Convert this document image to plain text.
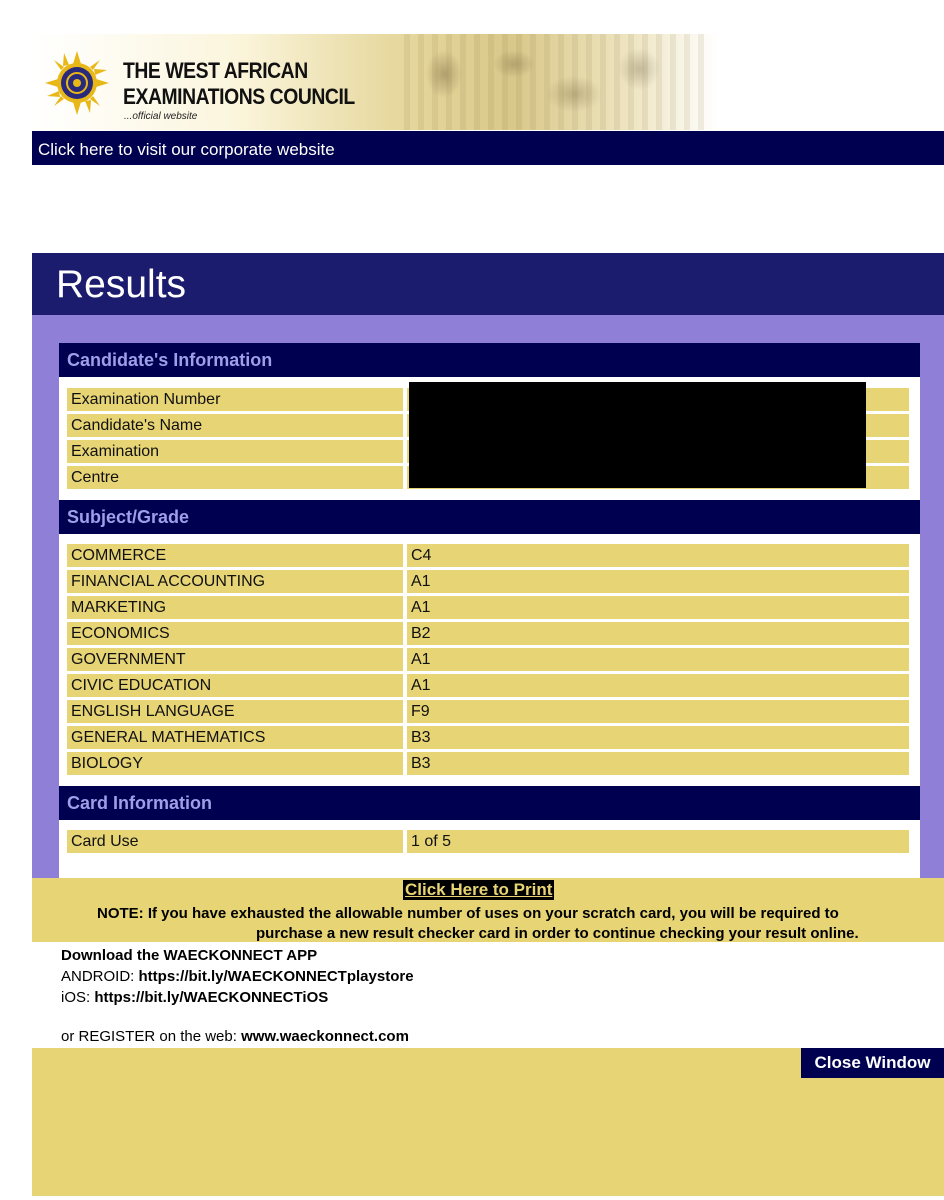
THE WEST AFRICAN
EXAMINATIONS COUNCIL
...official website
Click here to visit our corporate website
Results
Candidate's Information
Examination Number
Candidate's Name
Examination
Centre
Subject/Grade
COMMERCE	C4
FINANCIAL ACCOUNTING	A1
MARKETING	A1
ECONOMICS	B2
GOVERNMENT	A1
CIVIC EDUCATION	A1
ENGLISH LANGUAGE	F9
GENERAL MATHEMATICS	B3
BIOLOGY	B3
Card Information
Card Use	1 of 5
Click Here to Print
NOTE: If you have exhausted the allowable number of uses on your scratch card, you will be required to
purchase a new result checker card in order to continue checking your result online.
Download the WAECKONNECT APP
ANDROID: https://bit.ly/WAECKONNECTplaystore
iOS: https://bit.ly/WAECKONNECTiOS
or REGISTER on the web: www.waeckonnect.com
Close Window
